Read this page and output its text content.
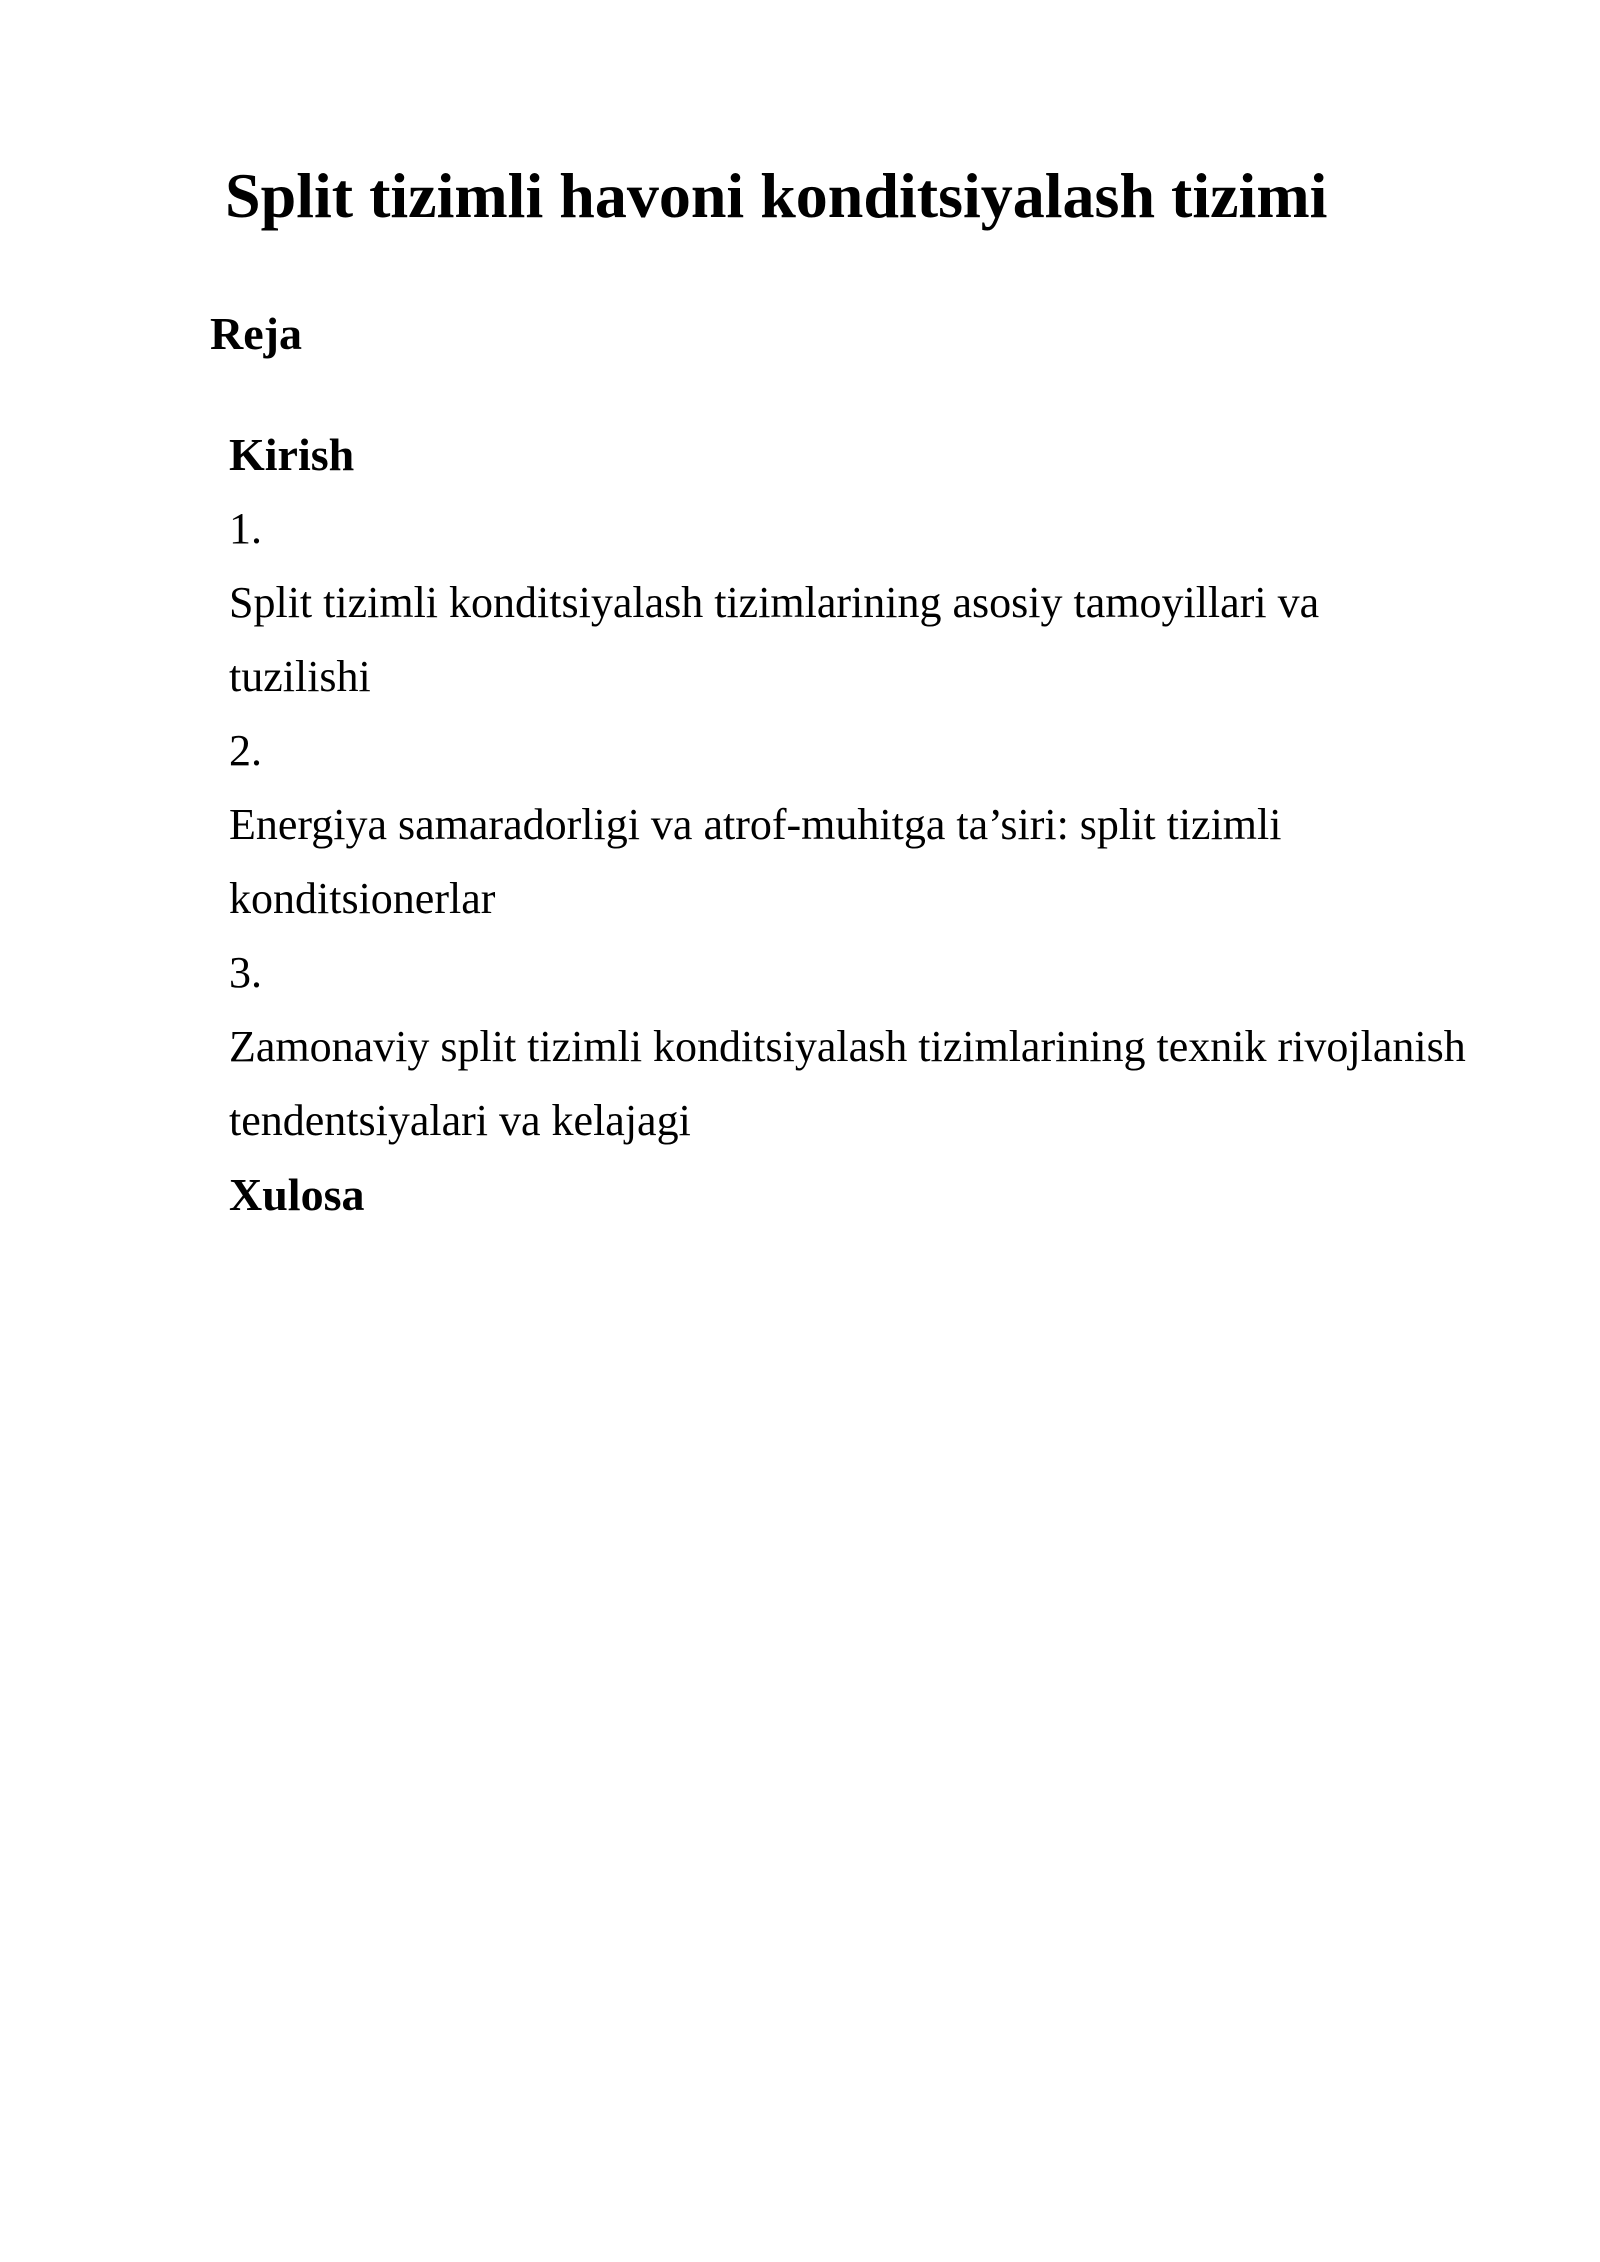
Split tizimli havoni konditsiyalash tizimi
Reja
Kirish
1.
Split tizimli konditsiyalash tizimlarining asosiy tamoyillari va tuzilishi
2.
Energiya samaradorligi va atrof-muhitga ta’siri: split tizimli konditsionerlar
3.
Zamonaviy split tizimli konditsiyalash tizimlarining texnik rivojlanish tendentsiyalari va kelajagi
Xulosa
